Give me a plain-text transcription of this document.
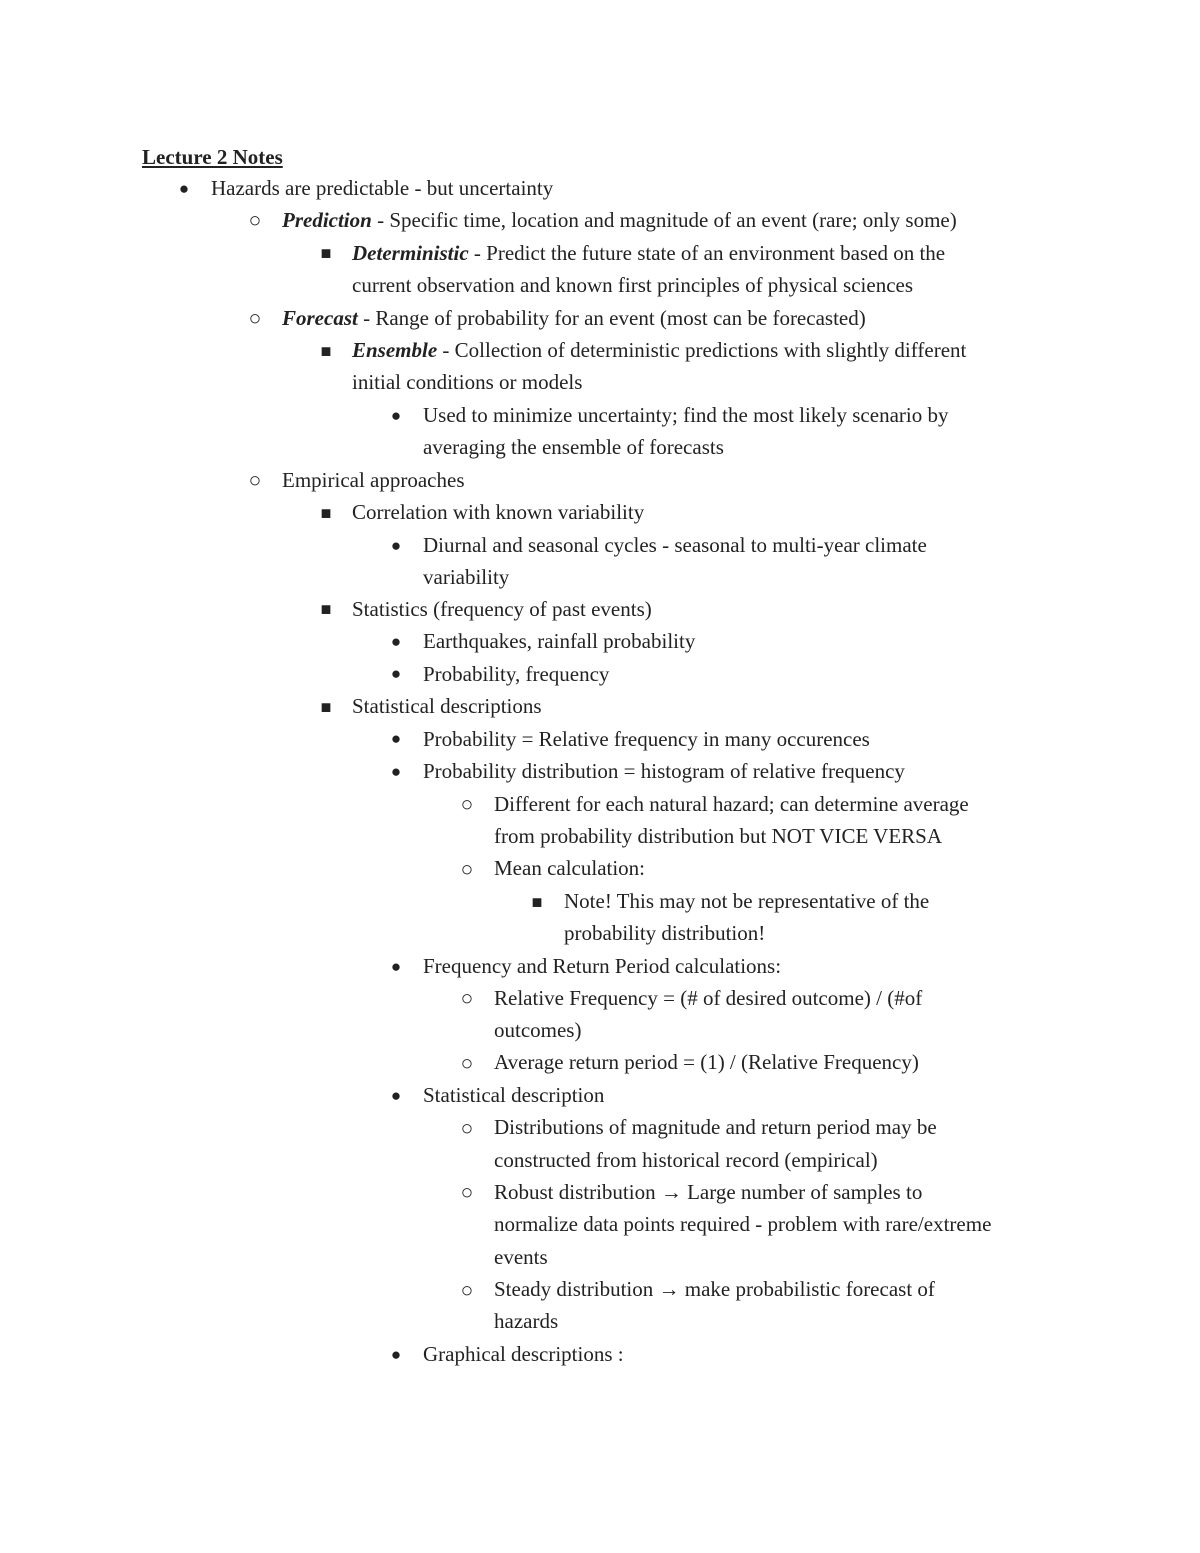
Lecture 2 Notes
●	Hazards are predictable - but uncertainty
○ Prediction - Specific time, location and magnitude of an event (rare; only some)
■ Deterministic - Predict the future state of an environment based on the
current observation and known first principles of physical sciences
○ Forecast - Range of probability for an event (most can be forecasted)
■ Ensemble - Collection of deterministic predictions with slightly different
initial conditions or models
●	Used to minimize uncertainty; find the most likely scenario by
averaging the ensemble of forecasts
○ Empirical approaches
■ Correlation with known variability
●	Diurnal and seasonal cycles - seasonal to multi-year climate
variability
■ Statistics (frequency of past events)
●	Earthquakes, rainfall probability
●	Probability, frequency
■ Statistical descriptions
●	Probability = Relative frequency in many occurences
●	Probability distribution = histogram of relative frequency
○ Different for each natural hazard; can determine average
from probability distribution but NOT VICE VERSA
○ Mean calculation:
■	Note! This may not be representative of the
probability distribution!
●	Frequency and Return Period calculations:
○ Relative Frequency = (# of desired outcome) / (#of
outcomes)
○ Average return period = (1) / (Relative Frequency)
●	Statistical description
○ Distributions of magnitude and return period may be
constructed from historical record (empirical)
○ Robust distribution → Large number of samples to
normalize data points required - problem with rare/extreme
events
○ Steady distribution → make probabilistic forecast of
hazards
●	Graphical descriptions :
